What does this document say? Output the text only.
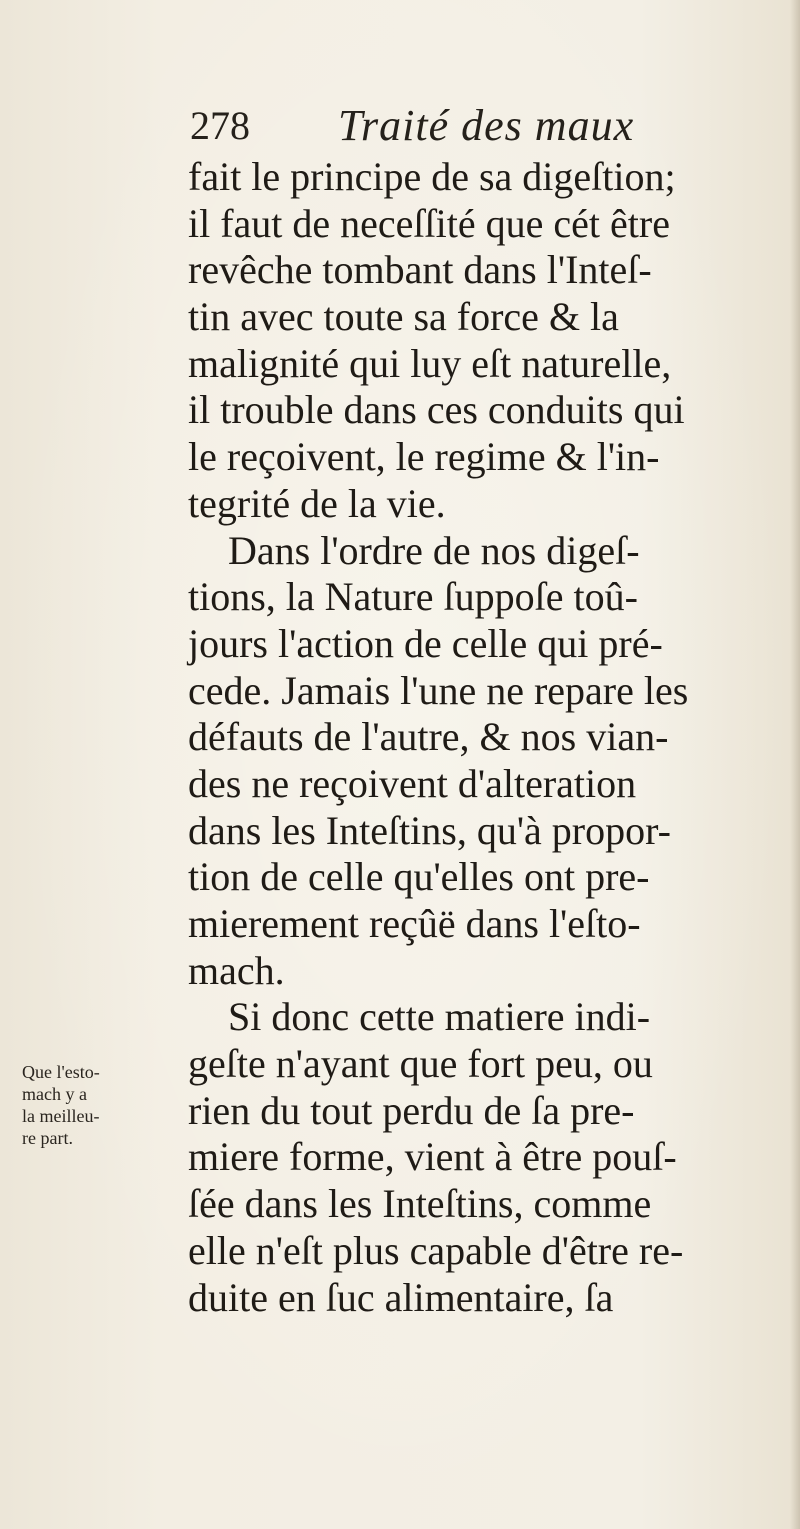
278 Traité des maux
Que l'esto-
mach y a
la meilleu-
re part.
fait le principe de sa digeſtion;
il faut de neceſſité que cét être
revêche tombant dans l'Inteſ-
tin avec toute sa force & la
malignité qui luy eſt naturelle,
il trouble dans ces conduits qui
le reçoivent, le regime & l'in-
tegrité de la vie.
Dans l'ordre de nos digeſ-
tions, la Nature ſuppoſe toû-
jours l'action de celle qui pré-
cede. Jamais l'une ne repare les
défauts de l'autre, & nos vian-
des ne reçoivent d'alteration
dans les Inteſtins, qu'à propor-
tion de celle qu'elles ont pre-
mierement reçûë dans l'eſto-
mach.
Si donc cette matiere indi-
geſte n'ayant que fort peu, ou
rien du tout perdu de ſa pre-
miere forme, vient à être pouſ-
ſée dans les Inteſtins, comme
elle n'eſt plus capable d'être re-
duite en ſuc alimentaire, ſa
